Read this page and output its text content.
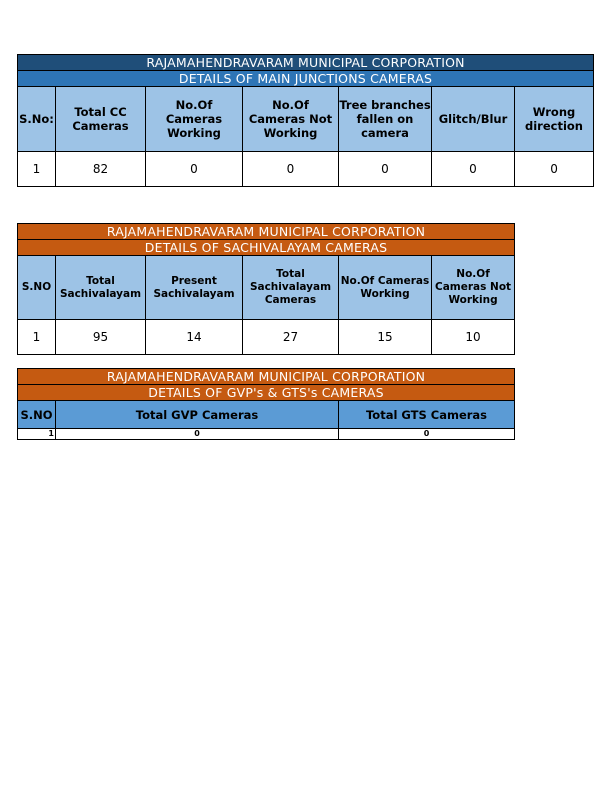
RAJAMAHENDRAVARAM MUNICIPAL CORPORATION						
DETAILS OF MAIN JUNCTIONS CAMERAS						
S.No:	Total CC Cameras	No.Of Cameras Working	No.Of Cameras Not Working	Tree branches fallen on camera	Glitch/Blur	Wrong direction
1	82	0	0	0	0	0
RAJAMAHENDRAVARAM MUNICIPAL CORPORATION					
DETAILS OF SACHIVALAYAM CAMERAS					
S.NO	Total Sachivalayam	Present Sachivalayam	Total Sachivalayam Cameras	No.Of Cameras Working	No.Of Cameras Not Working
1	95	14	27	15	10
RAJAMAHENDRAVARAM MUNICIPAL CORPORATION		
DETAILS OF GVP's & GTS's CAMERAS		
S.NO	Total GVP Cameras	Total GTS Cameras
1	0	0
